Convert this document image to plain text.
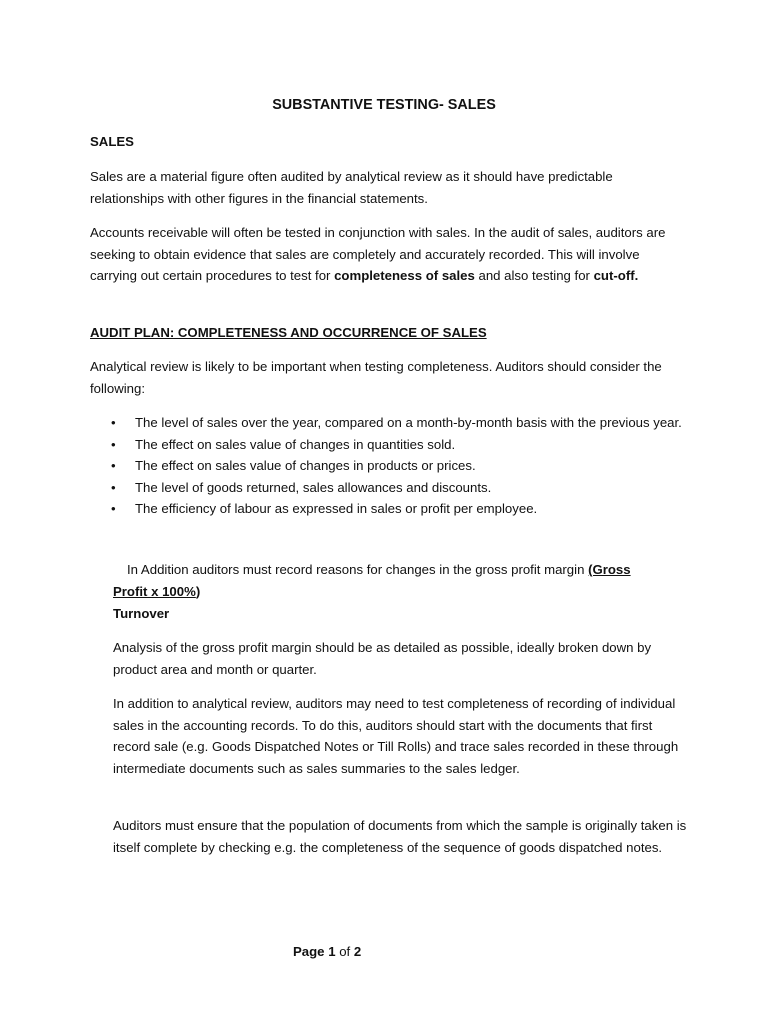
SUBSTANTIVE TESTING- SALES

SALES

Sales are a material figure often audited by analytical review as it should have predictable relationships with other figures in the financial statements.

Accounts receivable will often be tested in conjunction with sales. In the audit of sales, auditors are seeking to obtain evidence that sales are completely and accurately recorded. This will involve carrying out certain procedures to test for completeness of sales and also testing for cut-off.

AUDIT PLAN: COMPLETENESS AND OCCURRENCE OF SALES

Analytical review is likely to be important when testing completeness. Auditors should consider the following:

• The level of sales over the year, compared on a month-by-month basis with the previous year.
• The effect on sales value of changes in quantities sold.
• The effect on sales value of changes in products or prices.
• The level of goods returned, sales allowances and discounts.
• The efficiency of labour as expressed in sales or profit per employee.

In Addition auditors must record reasons for changes in the gross profit margin (Gross

Profit x 100%)

Turnover

Analysis of the gross profit margin should be as detailed as possible, ideally broken down by product area and month or quarter.

In addition to analytical review, auditors may need to test completeness of recording of individual sales in the accounting records. To do this, auditors should start with the documents that first record sale (e.g. Goods Dispatched Notes or Till Rolls) and trace sales recorded in these through intermediate documents such as sales summaries to the sales ledger.

Auditors must ensure that the population of documents from which the sample is originally taken is itself complete by checking e.g. the completeness of the sequence of goods dispatched notes.

Page 1 of 2
